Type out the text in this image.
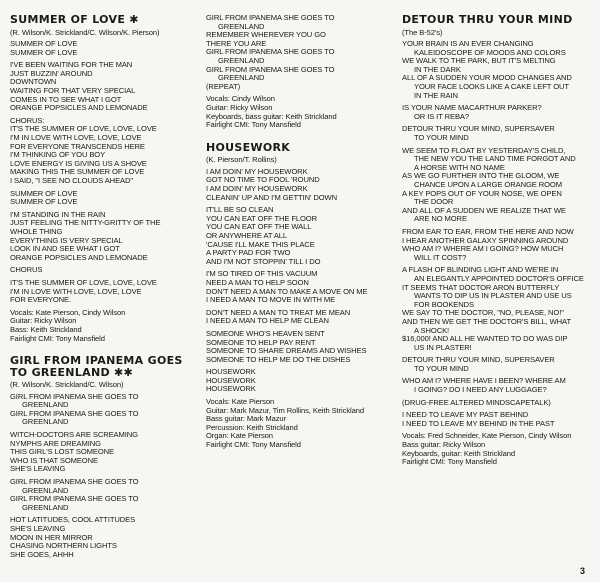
SUMMER OF LOVE ✱
(R. Wilson/K. Strickland/C. Wilson/K. Pierson)
SUMMER OF LOVE
SUMMER OF LOVE
I'VE BEEN WAITING FOR THE MAN
JUST BUZZIN' AROUND
DOWNTOWN
WAITING FOR THAT VERY SPECIAL
COMES IN TO SEE WHAT I GOT
ORANGE POPSICLES AND LEMONADE
CHORUS:
IT'S THE SUMMER OF LOVE, LOVE, LOVE
I'M IN LOVE WITH LOVE, LOVE, LOVE
FOR EVERYONE TRANSCENDS HERE
I'M THINKING OF YOU BOY
LOVE ENERGY IS GIVING US A SHOVE
MAKING THIS THE SUMMER OF LOVE
I SAID, "I SEE NO CLOUDS AHEAD"
SUMMER OF LOVE
SUMMER OF LOVE
I'M STANDING IN THE RAIN
JUST FEELING THE NITTY-GRITTY OF THE
WHOLE THING
EVERYTHING IS VERY SPECIAL
LOOK IN AND SEE WHAT I GOT
ORANGE POPSICLES AND LEMONADE
CHORUS
IT'S THE SUMMER OF LOVE, LOVE, LOVE
I'M IN LOVE WITH LOVE, LOVE, LOVE
FOR EVERYONE.
Vocals: Kate Pierson, Cindy Wilson
Guitar: Ricky Wilson
Bass: Keith Strickland
Fairlight CMI: Tony Mansfield
GIRL FROM IPANEMA GOES TO GREENLAND ✱✱
(R. Wilson/K. Strickland/C. Wilson)
GIRL FROM IPANEMA SHE GOES TO
GREENLAND
GIRL FROM IPANEMA SHE GOES TO
GREENLAND
WITCH-DOCTORS ARE SCREAMING
NYMPHS ARE DREAMING
THIS GIRL'S LOST SOMEONE
WHO IS THAT SOMEONE
SHE'S LEAVING
GIRL FROM IPANEMA SHE GOES TO
GREENLAND
GIRL FROM IPANEMA SHE GOES TO
GREENLAND
HOT LATITUDES, COOL ATTITUDES
SHE'S LEAVING
MOON IN HER MIRROR
CHASING NORTHERN LIGHTS
SHE GOES, AHHH
GIRL FROM IPANEMA SHE GOES TO
GREENLAND
REMEMBER WHEREVER YOU GO
THERE YOU ARE
GIRL FROM IPANEMA SHE GOES TO
GREENLAND
GIRL FROM IPANEMA SHE GOES TO
GREENLAND
(REPEAT)
Vocals: Cindy Wilson
Guitar: Ricky Wilson
Keyboards, bass guitar: Keith Strickland
Fairlight CMI: Tony Mansfield
HOUSEWORK
(K. Pierson/T. Rollins)
I AM DOIN' MY HOUSEWORK
GOT NO TIME TO FOOL 'ROUND
I AM DOIN' MY HOUSEWORK
CLEANIN' UP AND I'M GETTIN' DOWN
IT'LL BE SO CLEAN
YOU CAN EAT OFF THE FLOOR
YOU CAN EAT OFF THE WALL
OR ANYWHERE AT ALL
'CAUSE I'LL MAKE THIS PLACE
A PARTY PAD FOR TWO
AND I'M NOT STOPPIN' TILL I DO
I'M SO TIRED OF THIS VACUUM
NEED A MAN TO HELP SOON
DON'T NEED A MAN TO MAKE A MOVE ON ME
I NEED A MAN TO MOVE IN WITH ME
DON'T NEED A MAN TO TREAT ME MEAN
I NEED A MAN TO HELP ME CLEAN
SOMEONE WHO'S HEAVEN SENT
SOMEONE TO HELP PAY RENT
SOMEONE TO SHARE DREAMS AND WISHES
SOMEONE TO HELP ME DO THE DISHES
HOUSEWORK
HOUSEWORK
HOUSEWORK
Vocals: Kate Pierson
Guitar: Mark Mazur, Tim Rollins, Keith Strickland
Bass guitar: Mark Mazur
Percussion: Keith Strickland
Organ: Kate Pierson
Fairlight CMI: Tony Mansfield
DETOUR THRU YOUR MIND
(The B-52's)
YOUR BRAIN IS AN EVER CHANGING
KALEIDOSCOPE OF MOODS AND COLORS
WE WALK TO THE PARK, BUT IT'S MELTING
IN THE DARK
ALL OF A SUDDEN YOUR MOOD CHANGES AND
YOUR FACE LOOKS LIKE A CAKE LEFT OUT
IN THE RAIN
IS YOUR NAME MACARTHUR PARKER?
OR IS IT REBA?
DETOUR THRU YOUR MIND, SUPERSAVER
TO YOUR MIND
WE SEEM TO FLOAT BY YESTERDAY'S CHILD,
THE NEW YOU THE LAND TIME FORGOT AND
A HORSE WITH NO NAME
AS WE GO FURTHER INTO THE GLOOM, WE
CHANCE UPON A LARGE ORANGE ROOM
A KEY POPS OUT OF YOUR NOSE, WE OPEN
THE DOOR
AND ALL OF A SUDDEN WE REALIZE THAT WE
ARE NO MORE
FROM EAR TO EAR, FROM THE HERE AND NOW
I HEAR ANOTHER GALAXY SPINNING AROUND
WHO AM I? WHERE AM I GOING? HOW MUCH
WILL IT COST?
A FLASH OF BLINDING LIGHT AND WE'RE IN
AN ELEGANTLY APPOINTED DOCTOR'S OFFICE
IT SEEMS THAT DOCTOR ARON BUTTERFLY
WANTS TO DIP US IN PLASTER AND USE US
FOR BOOKENDS
WE SAY TO THE DOCTOR, "NO, PLEASE, NO!"
AND THEN WE GET THE DOCTOR'S BILL, WHAT
A SHOCK!
$16,000! AND ALL HE WANTED TO DO WAS DIP
US IN PLASTER!
DETOUR THRU YOUR MIND, SUPERSAVER
TO YOUR MIND
WHO AM I? WHERE HAVE I BEEN? WHERE AM
I GOING? DO I NEED ANY LUGGAGE?
(DRUG-FREE ALTERED MINDSCAPETALK)
I NEED TO LEAVE MY PAST BEHIND
I NEED TO LEAVE MY BEHIND IN THE PAST
Vocals: Fred Schneider, Kate Pierson, Cindy Wilson
Bass guitar: Ricky Wilson
Keyboards, guitar: Keith Strickland
Fairlight CMI: Tony Mansfield
3
